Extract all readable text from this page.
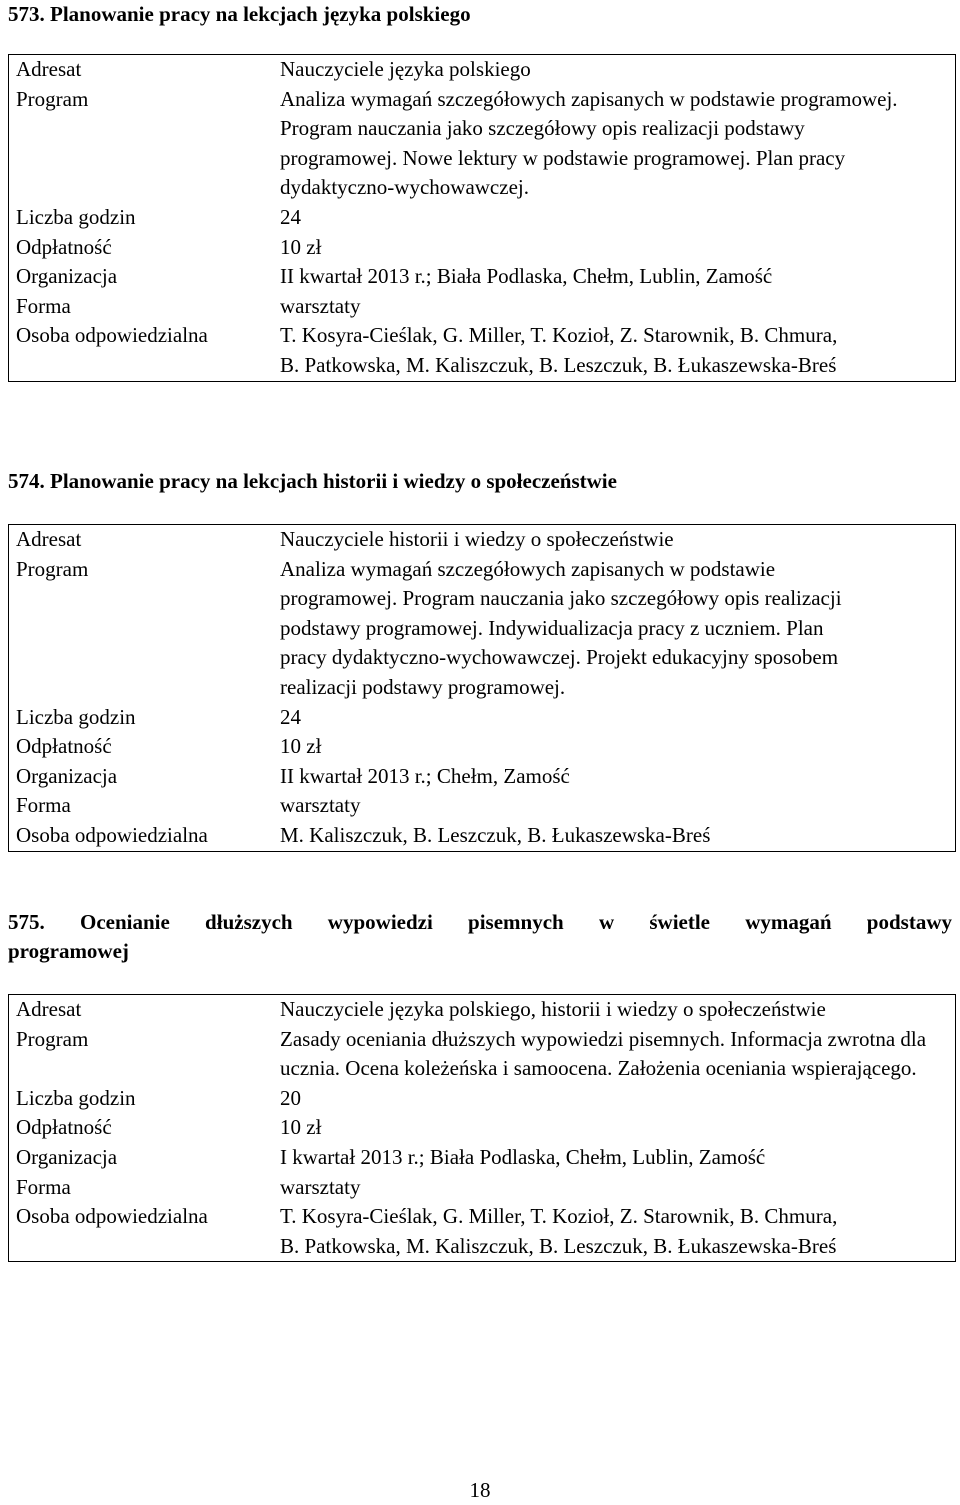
573. Planowanie pracy na lekcjach języka polskiego
Adresat	Nauczyciele języka polskiego
Program	Analiza wymagań szczegółowych zapisanych w podstawie programowej. Program nauczania jako szczegółowy opis realizacji podstawy programowej. Nowe lektury w podstawie programowej. Plan pracy dydaktyczno-wychowawczej.
Liczba godzin	24
Odpłatność	10 zł
Organizacja	II kwartał 2013 r.; Biała Podlaska, Chełm, Lublin, Zamość
Forma	warsztaty
Osoba odpowiedzialna	T. Kosyra-Cieślak, G. Miller, T. Kozioł, Z. Starownik, B. Chmura, B. Patkowska, M. Kaliszczuk, B. Leszczuk, B. Łukaszewska-Breś
574. Planowanie pracy na lekcjach historii i wiedzy o społeczeństwie
Adresat	Nauczyciele historii i wiedzy o społeczeństwie
Program	Analiza wymagań szczegółowych zapisanych w podstawie programowej. Program nauczania jako szczegółowy opis realizacji podstawy programowej. Indywidualizacja pracy z uczniem. Plan pracy dydaktyczno-wychowawczej. Projekt edukacyjny sposobem realizacji podstawy programowej.
Liczba godzin	24
Odpłatność	10 zł
Organizacja	II kwartał 2013 r.; Chełm, Zamość
Forma	warsztaty
Osoba odpowiedzialna	M. Kaliszczuk, B. Leszczuk, B. Łukaszewska-Breś
575. Ocenianie dłuższych wypowiedzi pisemnych w świetle wymagań podstawy
programowej
Adresat	Nauczyciele języka polskiego, historii i wiedzy o społeczeństwie
Program	Zasady oceniania dłuższych wypowiedzi pisemnych. Informacja zwrotna dla ucznia. Ocena koleżeńska i samoocena. Założenia oceniania wspierającego.
Liczba godzin	20
Odpłatność	10 zł
Organizacja	I kwartał 2013 r.; Biała Podlaska, Chełm, Lublin, Zamość
Forma	warsztaty
Osoba odpowiedzialna	T. Kosyra-Cieślak, G. Miller, T. Kozioł, Z. Starownik, B. Chmura, B. Patkowska, M. Kaliszczuk, B. Leszczuk, B. Łukaszewska-Breś
18
